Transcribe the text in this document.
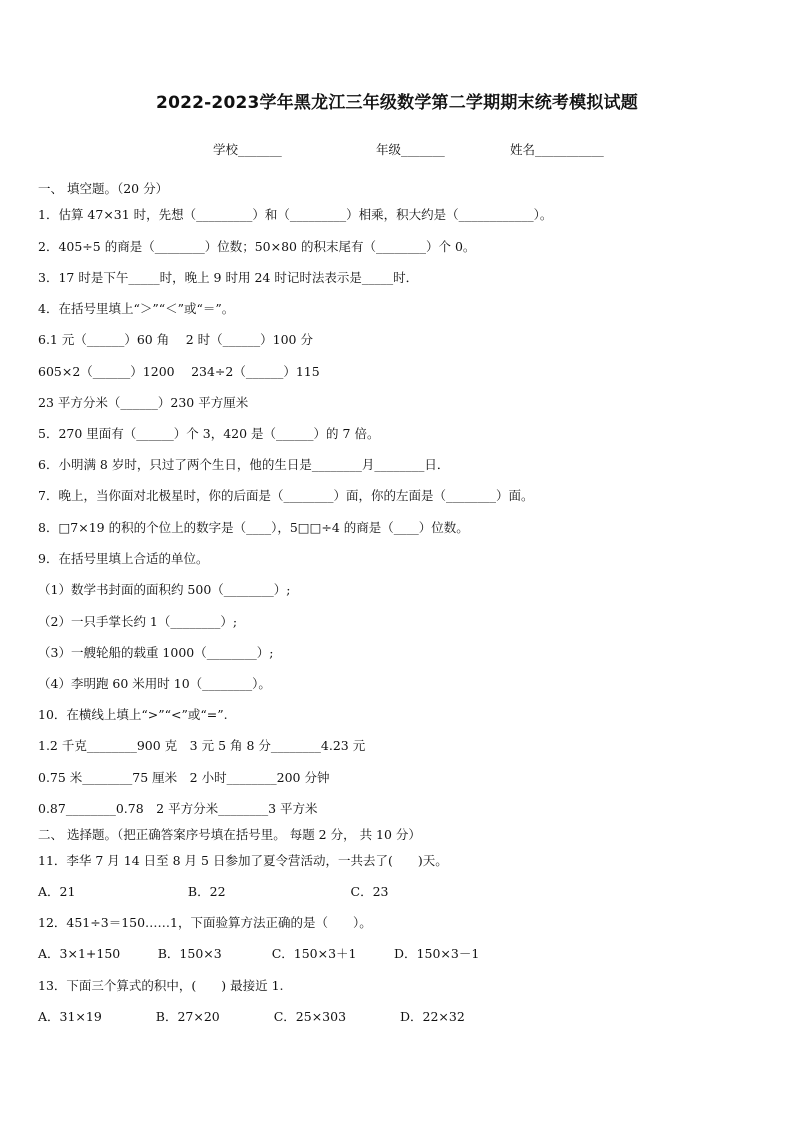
2022-2023学年黑龙江三年级数学第二学期期末统考模拟试题
学校_______	年级_______	姓名___________
一、 填空题。（20 分）
1．估算 47×31 时，先想（_________）和（_________）相乘，积大约是（____________）。
2．405÷5 的商是（________）位数；50×80 的积末尾有（________）个 0。
3．17 时是下午_____时，晚上 9 时用 24 时记时法表示是_____时．
4．在括号里填上“＞”“＜”或“＝”。
6.1 元（______）60 角　 2 时（______）100 分
605×2（______）1200　 234÷2（______）115
23 平方分米（______）230 平方厘米
5．270 里面有（______）个 3，420 是（______）的 7 倍。
6．小明满 8 岁时，只过了两个生日，他的生日是________月________日．
7．晚上，当你面对北极星时，你的后面是（________）面，你的左面是（________）面。
8．□7×19 的积的个位上的数字是（____），5□□÷4 的商是（____）位数。
9．在括号里填上合适的单位。
（1）数学书封面的面积约 500（________）;
（2）一只手掌长约 1（________）;
（3）一艘轮船的载重 1000（________）;
（4）李明跑 60 米用时 10（________）。
10．在横线上填上“>”“<”或“=”.
1.2 千克________900 克　3 元 5 角 8 分________4.23 元
0.75 米________75 厘米　2 小时________200 分钟
0.87________0.78　2 平方分米________3 平方米
二、 选择题。（把正确答案序号填在括号里。 每题 2 分， 共 10 分）
11．李华 7 月 14 日至 8 月 5 日参加了夏令营活动，一共去了(　　)天。
A．21　　　　　　　　　B．22　　　　　　　　　　C．23
12．451÷3＝150……1，下面验算方法正确的是（　　）。
A．3×1+150　　　B．150×3　　　　C．150×3＋1　　　D．150×3－1
13．下面三个算式的积中，(　　) 最接近 1.
A．31×19　　　　 B．27×20　　　　 C．25×303　　　　 D．22×32
